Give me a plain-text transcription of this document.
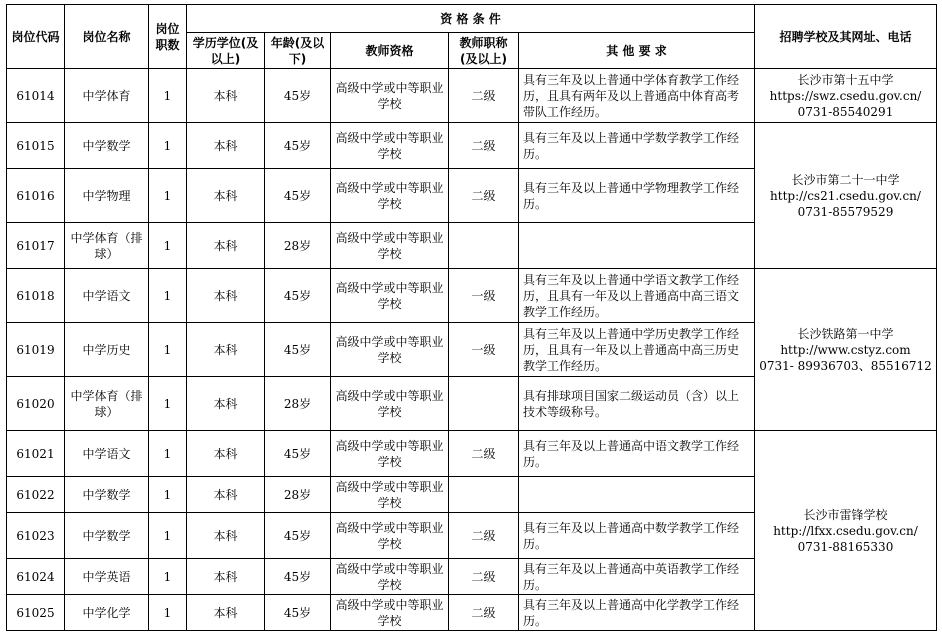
岗位代码	岗位名称	岗位职数	资 格 条 件					招聘学校及其网址、电话
			学历学位(及以上)	年龄(及以下)	教师资格	教师职称(及以上)	其 他 要 求	
61014	中学体育	1	本科	45岁	高级中学或中等职业学校	二级	具有三年及以上普通中学体育教学工作经历，且具有两年及以上普通高中体育高考带队工作经历。	长沙市第十五中学
https://swz.csedu.gov.cn/
0731-85540291

61015	中学数学	1	本科	45岁	高级中学或中等职业学校	二级	具有三年及以上普通中学数学教学工作经历。	长沙市第二十一中学
http://cs21.csedu.gov.cn/
0731-85579529

61016	中学物理	1	本科	45岁	高级中学或中等职业学校	二级	具有三年及以上普通中学物理教学工作经历。	
61017	中学体育（排球）	1	本科	28岁	高级中学或中等职业学校			
61018	中学语文	1	本科	45岁	高级中学或中等职业学校	一级	具有三年及以上普通中学语文教学工作经历，且具有一年及以上普通高中高三语文教学工作经历。	长沙铁路第一中学
http://www.cstyz.com
0731- 89936703、85516712

61019	中学历史	1	本科	45岁	高级中学或中等职业学校	一级	具有三年及以上普通中学历史教学工作经历，且具有一年及以上普通高中高三历史教学工作经历。	
61020	中学体育（排球）	1	本科	28岁	高级中学或中等职业学校		具有排球项目国家二级运动员（含）以上技术等级称号。	
61021	中学语文	1	本科	45岁	高级中学或中等职业学校	二级	具有三年及以上普通高中语文教学工作经历。	长沙市雷锋学校
http://lfxx.csedu.gov.cn/
0731-88165330

61022	中学数学	1	本科	28岁	高级中学或中等职业学校			
61023	中学数学	1	本科	45岁	高级中学或中等职业学校	二级	具有三年及以上普通高中数学教学工作经历。	
61024	中学英语	1	本科	45岁	高级中学或中等职业学校	二级	具有三年及以上普通高中英语教学工作经历。	
61025	中学化学	1	本科	45岁	高级中学或中等职业学校	二级	具有三年及以上普通高中化学教学工作经历。	
